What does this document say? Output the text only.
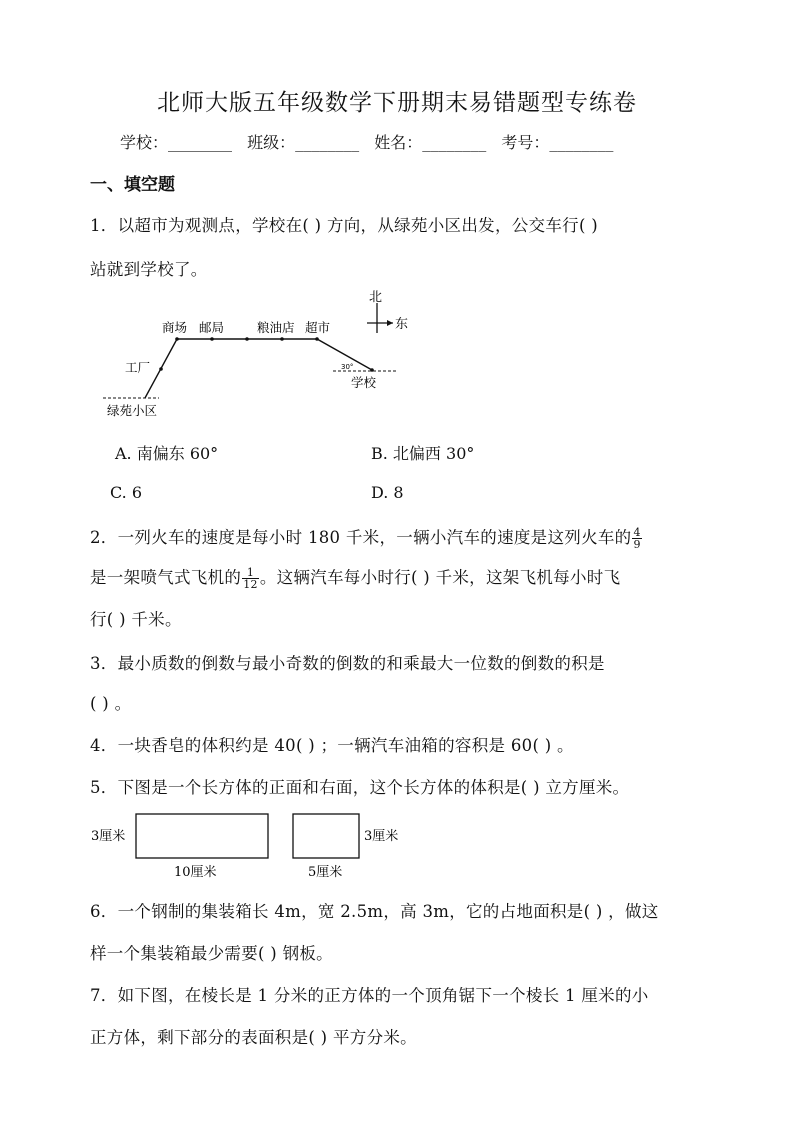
北师大版五年级数学下册期末易错题型专练卷
学校：________ 班级：________ 姓名：________ 考号：________
一、填空题
1．以超市为观测点，学校在( ) 方向，从绿苑小区出发，公交车行( )
站就到学校了。
北
东
商场 邮局	粮油店 超市
工厂
绿苑小区
学校
30°
A. 南偏东 60°	B. 北偏西 30°
C. 6	D. 8
2．一列火车的速度是每小时 180 千米，一辆小汽车的速度是这列火车的 $\frac{4}{9}$
是一架喷气式飞机的 $\frac{1}{12}$ 。这辆汽车每小时行( ) 千米，这架飞机每小时飞
行( ) 千米。
3．最小质数的倒数与最小奇数的倒数的和乘最大一位数的倒数的积是
( ) 。
4．一块香皂的体积约是 40( ) ；一辆汽车油箱的容积是 60( ) 。
5．下图是一个长方体的正面和右面，这个长方体的体积是( ) 立方厘米。
3厘米
10厘米	5厘米
3厘米
6．一个钢制的集装箱长 4m，宽 2.5m，高 3m，它的占地面积是( ) ，做这
样一个集装箱最少需要( ) 钢板。
7．如下图，在棱长是 1 分米的正方体的一个顶角锯下一个棱长 1 厘米的小
正方体，剩下部分的表面积是( ) 平方分米。
